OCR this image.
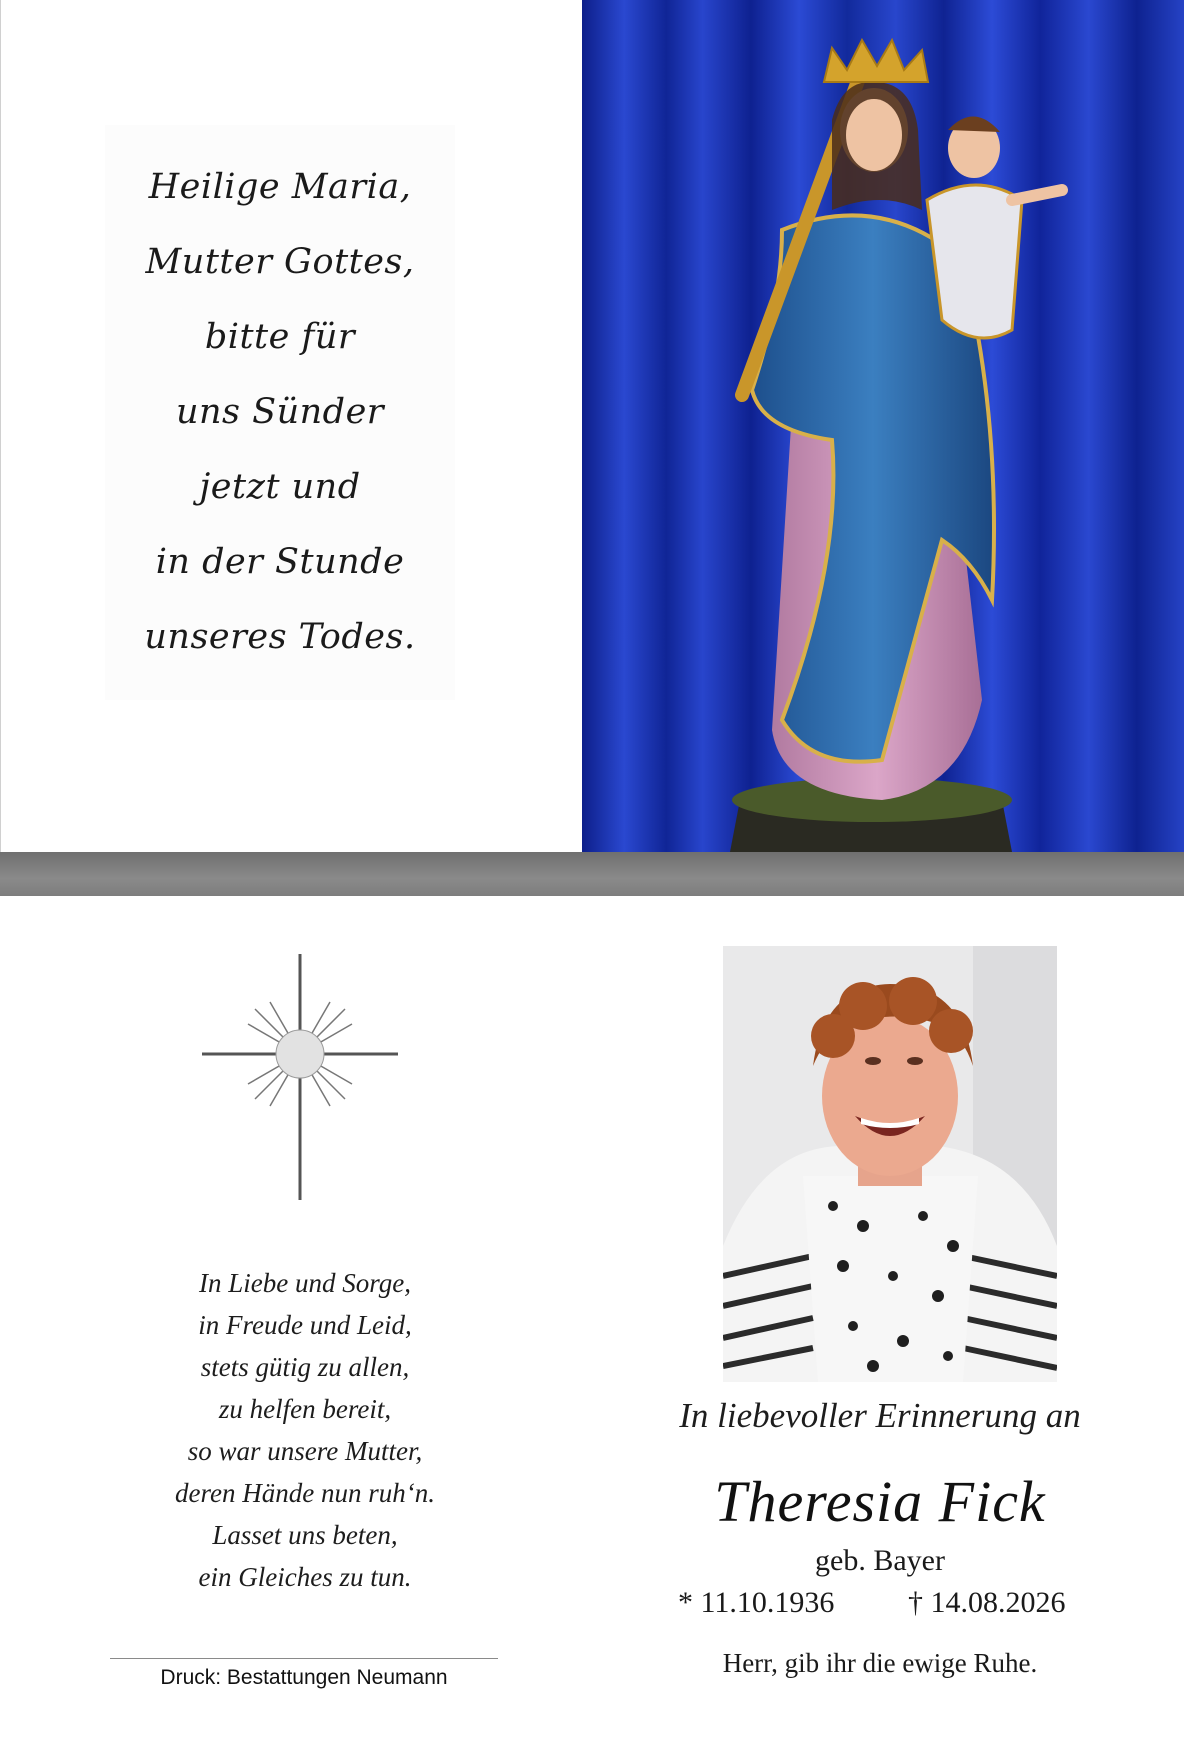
Heilige Maria,
Mutter Gottes,
bitte für
uns Sünder
jetzt und
in der Stunde
unseres Todes.
In Liebe und Sorge,
in Freude und Leid,
stets gütig zu allen,
zu helfen bereit,
so war unsere Mutter,
deren Hände nun ruh‘n.
Lasset uns beten,
ein Gleiches zu tun.
Druck: Bestattungen Neumann
In liebevoller Erinnerung an
Theresia Fick
geb. Bayer
* 11.10.1936 † 14.08.2026
Herr, gib ihr die ewige Ruhe.
